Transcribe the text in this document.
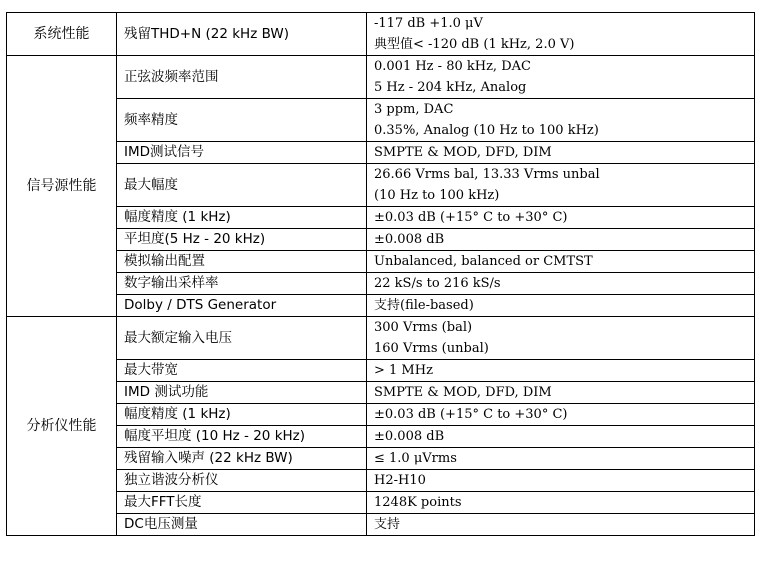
系统性能	残留THD+N (22 kHz BW)	-117 dB +1.0 μV
典型值< -120 dB (1 kHz, 2.0 V)

信号源性能	正弦波频率范围	0.001 Hz - 80 kHz, DAC
5 Hz - 204 kHz, Analog

	频率精度	3 ppm, DAC
0.35%, Analog (10 Hz to 100 kHz)

	IMD测试信号	SMPTE & MOD, DFD, DIM

	最大幅度	26.66 Vrms bal, 13.33 Vrms unbal
(10 Hz to 100 kHz)

	幅度精度 (1 kHz)	±0.03 dB (+15° C to +30° C)

	平坦度(5 Hz - 20 kHz)	±0.008 dB

	模拟输出配置	Unbalanced, balanced or CMTST

	数字输出采样率	22 kS/s to 216 kS/s

	Dolby / DTS Generator	支持(file-based)

分析仪性能	最大额定输入电压	300 Vrms (bal)
160 Vrms (unbal)

	最大带宽	> 1 MHz

	IMD 测试功能	SMPTE & MOD, DFD, DIM

	幅度精度 (1 kHz)	±0.03 dB (+15° C to +30° C)

	幅度平坦度 (10 Hz - 20 kHz)	±0.008 dB

	残留输入噪声 (22 kHz BW)	≤ 1.0 μVrms

	独立谐波分析仪	H2-H10

	最大FFT长度	1248K points

	DC电压测量	支持
